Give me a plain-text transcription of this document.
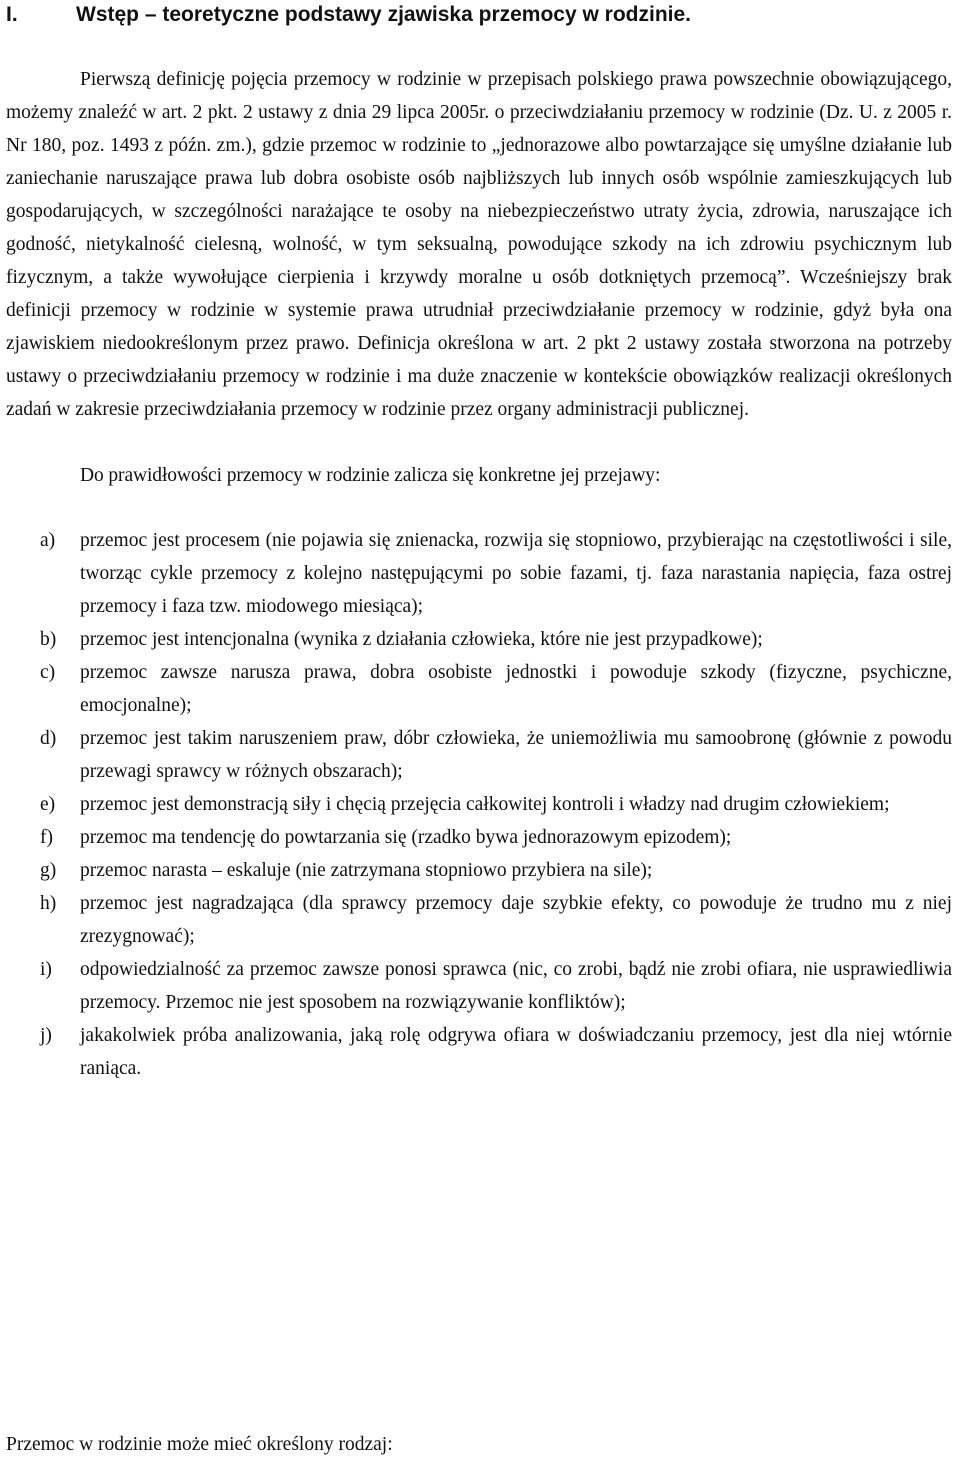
I.	Wstęp – teoretyczne podstawy zjawiska przemocy w rodzinie.

Pierwszą definicję pojęcia przemocy w rodzinie w przepisach polskiego prawa powszechnie obowiązującego, możemy znaleźć w art. 2 pkt. 2 ustawy z dnia 29 lipca 2005r. o przeciwdziałaniu przemocy w rodzinie (Dz. U. z 2005 r. Nr 180, poz. 1493 z późn. zm.), gdzie przemoc w rodzinie to „jednorazowe albo powtarzające się umyślne działanie lub zaniechanie naruszające prawa lub dobra osobiste osób najbliższych lub innych osób wspólnie zamieszkujących lub gospodarujących, w szczególności narażające te osoby na niebezpieczeństwo utraty życia, zdrowia, naruszające ich godność, nietykalność cielesną, wolność, w tym seksualną, powodujące szkody na ich zdrowiu psychicznym lub fizycznym, a także wywołujące cierpienia i krzywdy moralne u osób dotkniętych przemocą”. Wcześniejszy brak definicji przemocy w rodzinie w systemie prawa utrudniał przeciwdziałanie przemocy w rodzinie, gdyż była ona zjawiskiem niedookreślonym przez prawo. Definicja określona w art. 2 pkt 2 ustawy została stworzona na potrzeby ustawy o przeciwdziałaniu przemocy w rodzinie i ma duże znaczenie w kontekście obowiązków realizacji określonych zadań w zakresie przeciwdziałania przemocy w rodzinie przez organy administracji publicznej.

Do prawidłowości przemocy w rodzinie zalicza się konkretne jej przejawy:

a) przemoc jest procesem (nie pojawia się znienacka, rozwija się stopniowo, przybierając na częstotliwości i sile, tworząc cykle przemocy z kolejno następującymi po sobie fazami, tj. faza narastania napięcia, faza ostrej przemocy i faza tzw. miodowego miesiąca);
b) przemoc jest intencjonalna (wynika z działania człowieka, które nie jest przypadkowe);
c) przemoc zawsze narusza prawa, dobra osobiste jednostki i powoduje szkody (fizyczne, psychiczne, emocjonalne);
d) przemoc jest takim naruszeniem praw, dóbr człowieka, że uniemożliwia mu samoobronę (głównie z powodu przewagi sprawcy w różnych obszarach);
e) przemoc jest demonstracją siły i chęcią przejęcia całkowitej kontroli i władzy nad drugim człowiekiem;
f) przemoc ma tendencję do powtarzania się (rzadko bywa jednorazowym epizodem);
g) przemoc narasta – eskaluje (nie zatrzymana stopniowo przybiera na sile);
h) przemoc jest nagradzająca (dla sprawcy przemocy daje szybkie efekty, co powoduje że trudno mu z niej zrezygnować);
i) odpowiedzialność za przemoc zawsze ponosi sprawca (nic, co zrobi, bądź nie zrobi ofiara, nie usprawiedliwia przemocy. Przemoc nie jest sposobem na rozwiązywanie konfliktów);
j) jakakolwiek próba analizowania, jaką rolę odgrywa ofiara w doświadczaniu przemocy, jest dla niej wtórnie raniąca.

Przemoc w rodzinie może mieć określony rodzaj:
